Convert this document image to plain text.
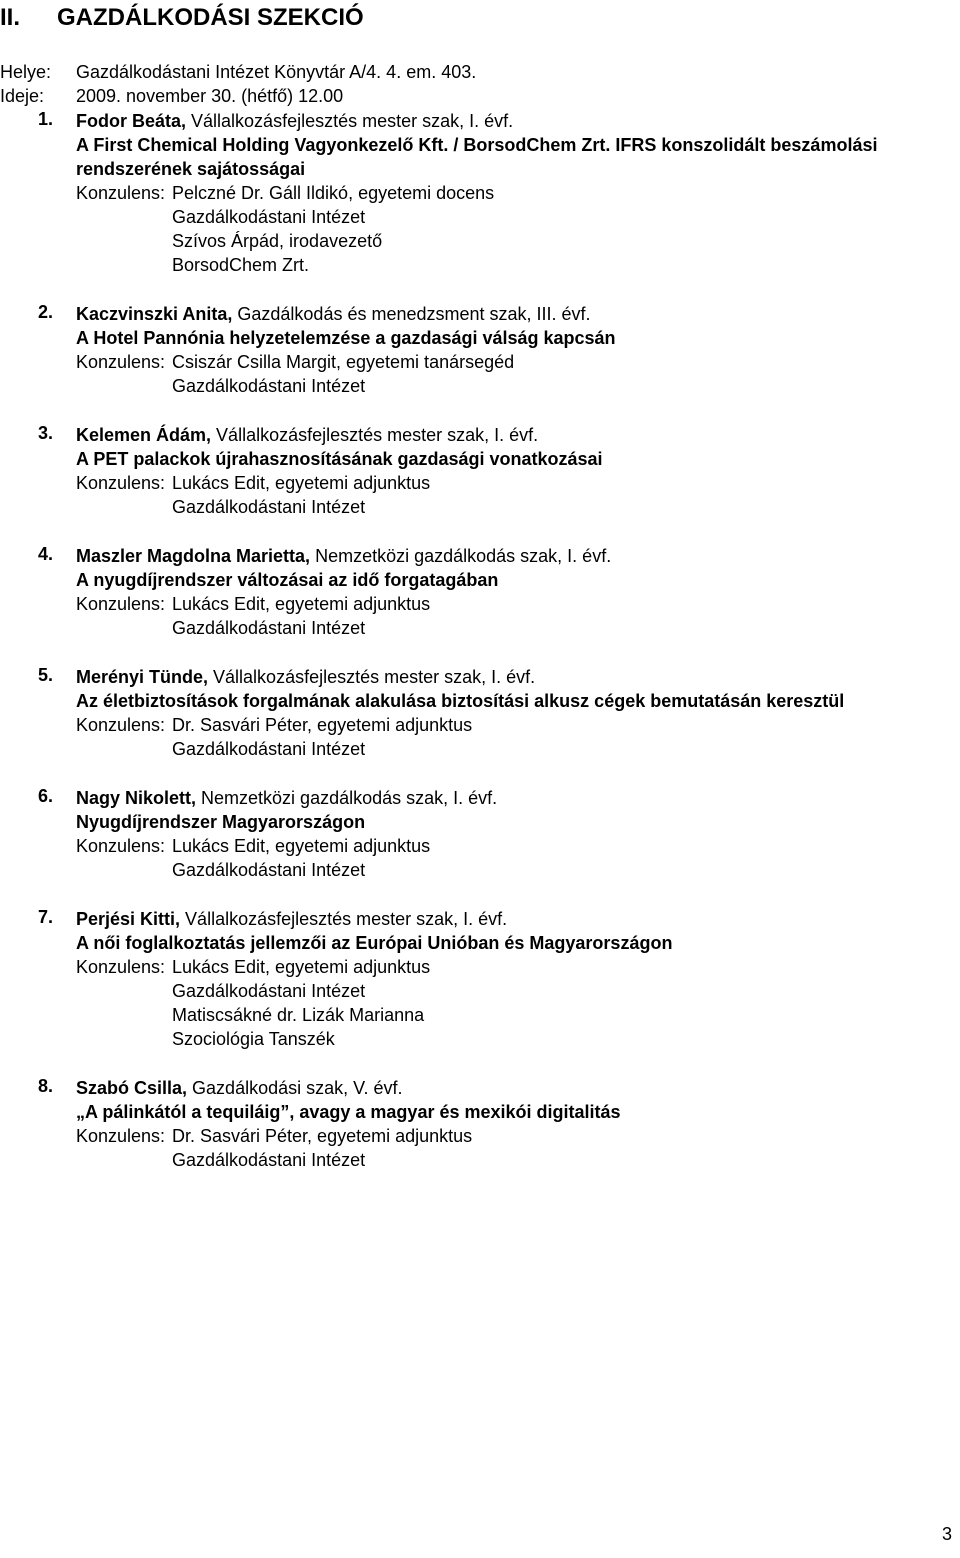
II. GAZDÁLKODÁSI SZEKCIÓ
Helye: Gazdálkodástani Intézet Könyvtár A/4. 4. em. 403.
Ideje: 2009. november 30. (hétfő) 12.00
1. Fodor Beáta, Vállalkozásfejlesztés mester szak, I. évf.
A First Chemical Holding Vagyonkezelő Kft. / BorsodChem Zrt. IFRS konszolidált beszámolási
rendszerének sajátosságai
Konzulens: Pelczné Dr. Gáll Ildikó, egyetemi docens
Gazdálkodástani Intézet
Szívos Árpád, irodavezető
BorsodChem Zrt.
2. Kaczvinszki Anita, Gazdálkodás és menedzsment szak, III. évf.
A Hotel Pannónia helyzetelemzése a gazdasági válság kapcsán
Konzulens: Csiszár Csilla Margit, egyetemi tanársegéd
Gazdálkodástani Intézet
3. Kelemen Ádám, Vállalkozásfejlesztés mester szak, I. évf.
A PET palackok újrahasznosításának gazdasági vonatkozásai
Konzulens: Lukács Edit, egyetemi adjunktus
Gazdálkodástani Intézet
4. Maszler Magdolna Marietta, Nemzetközi gazdálkodás szak, I. évf.
A nyugdíjrendszer változásai az idő forgatagában
Konzulens: Lukács Edit, egyetemi adjunktus
Gazdálkodástani Intézet
5. Merényi Tünde, Vállalkozásfejlesztés mester szak, I. évf.
Az életbiztosítások forgalmának alakulása biztosítási alkusz cégek bemutatásán keresztül
Konzulens: Dr. Sasvári Péter, egyetemi adjunktus
Gazdálkodástani Intézet
6. Nagy Nikolett, Nemzetközi gazdálkodás szak, I. évf.
Nyugdíjrendszer Magyarországon
Konzulens: Lukács Edit, egyetemi adjunktus
Gazdálkodástani Intézet
7. Perjési Kitti, Vállalkozásfejlesztés mester szak, I. évf.
A női foglalkoztatás jellemzői az Európai Unióban és Magyarországon
Konzulens: Lukács Edit, egyetemi adjunktus
Gazdálkodástani Intézet
Matiscsákné dr. Lizák Marianna
Szociológia Tanszék
8. Szabó Csilla, Gazdálkodási szak, V. évf.
„A pálinkától a tequiláig”, avagy a magyar és mexikói digitalitás
Konzulens: Dr. Sasvári Péter, egyetemi adjunktus
Gazdálkodástani Intézet
3
